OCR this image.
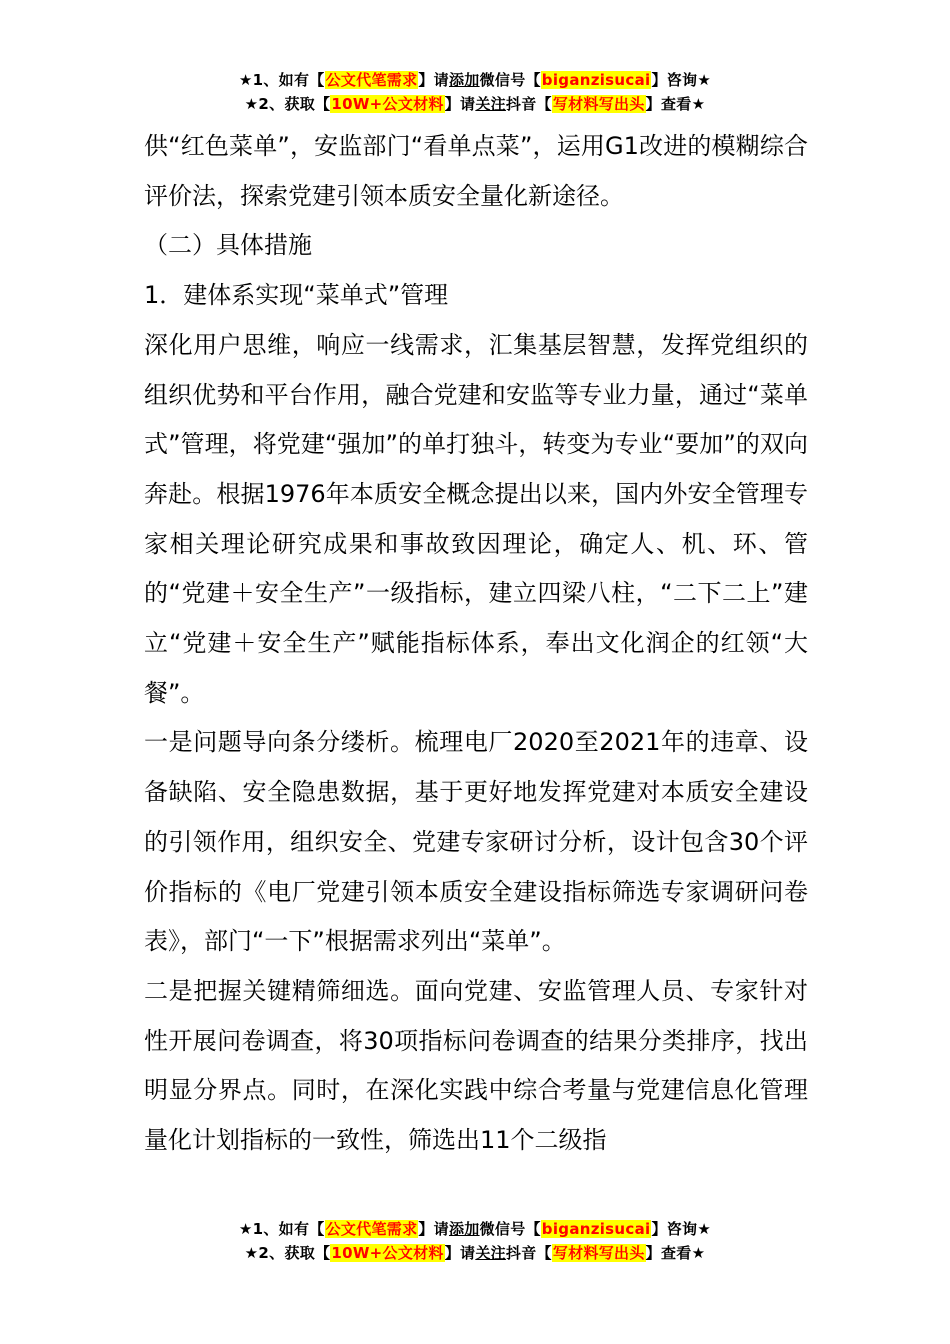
★1、如有【公文代笔需求】请添加微信号【biganzisucai】咨询★
★2、获取【10W+公文材料】请关注抖音【写材料写出头】查看★

供“红色菜单”，安监部门“看单点菜”，运用G1改进的模糊综合评价法，探索党建引领本质安全量化新途径。

（二）具体措施

1．建体系实现“菜单式”管理

深化用户思维，响应一线需求，汇集基层智慧，发挥党组织的组织优势和平台作用，融合党建和安监等专业力量，通过“菜单式”管理，将党建“强加”的单打独斗，转变为专业“要加”的双向奔赴。根据1976年本质安全概念提出以来，国内外安全管理专家相关理论研究成果和事故致因理论，确定人、机、环、管的“党建＋安全生产”一级指标，建立四梁八柱，“二下二上”建立“党建＋安全生产”赋能指标体系，奉出文化润企的红领“大餐”。

一是问题导向条分缕析。梳理电厂2020至2021年的违章、设备缺陷、安全隐患数据，基于更好地发挥党建对本质安全建设的引领作用，组织安全、党建专家研讨分析，设计包含30个评价指标的《电厂党建引领本质安全建设指标筛选专家调研问卷表》，部门“一下”根据需求列出“菜单”。

二是把握关键精筛细选。面向党建、安监管理人员、专家针对性开展问卷调查，将30项指标问卷调查的结果分类排序，找出明显分界点。同时，在深化实践中综合考量与党建信息化管理量化计划指标的一致性，筛选出11个二级指

★1、如有【公文代笔需求】请添加微信号【biganzisucai】咨询★
★2、获取【10W+公文材料】请关注抖音【写材料写出头】查看★
